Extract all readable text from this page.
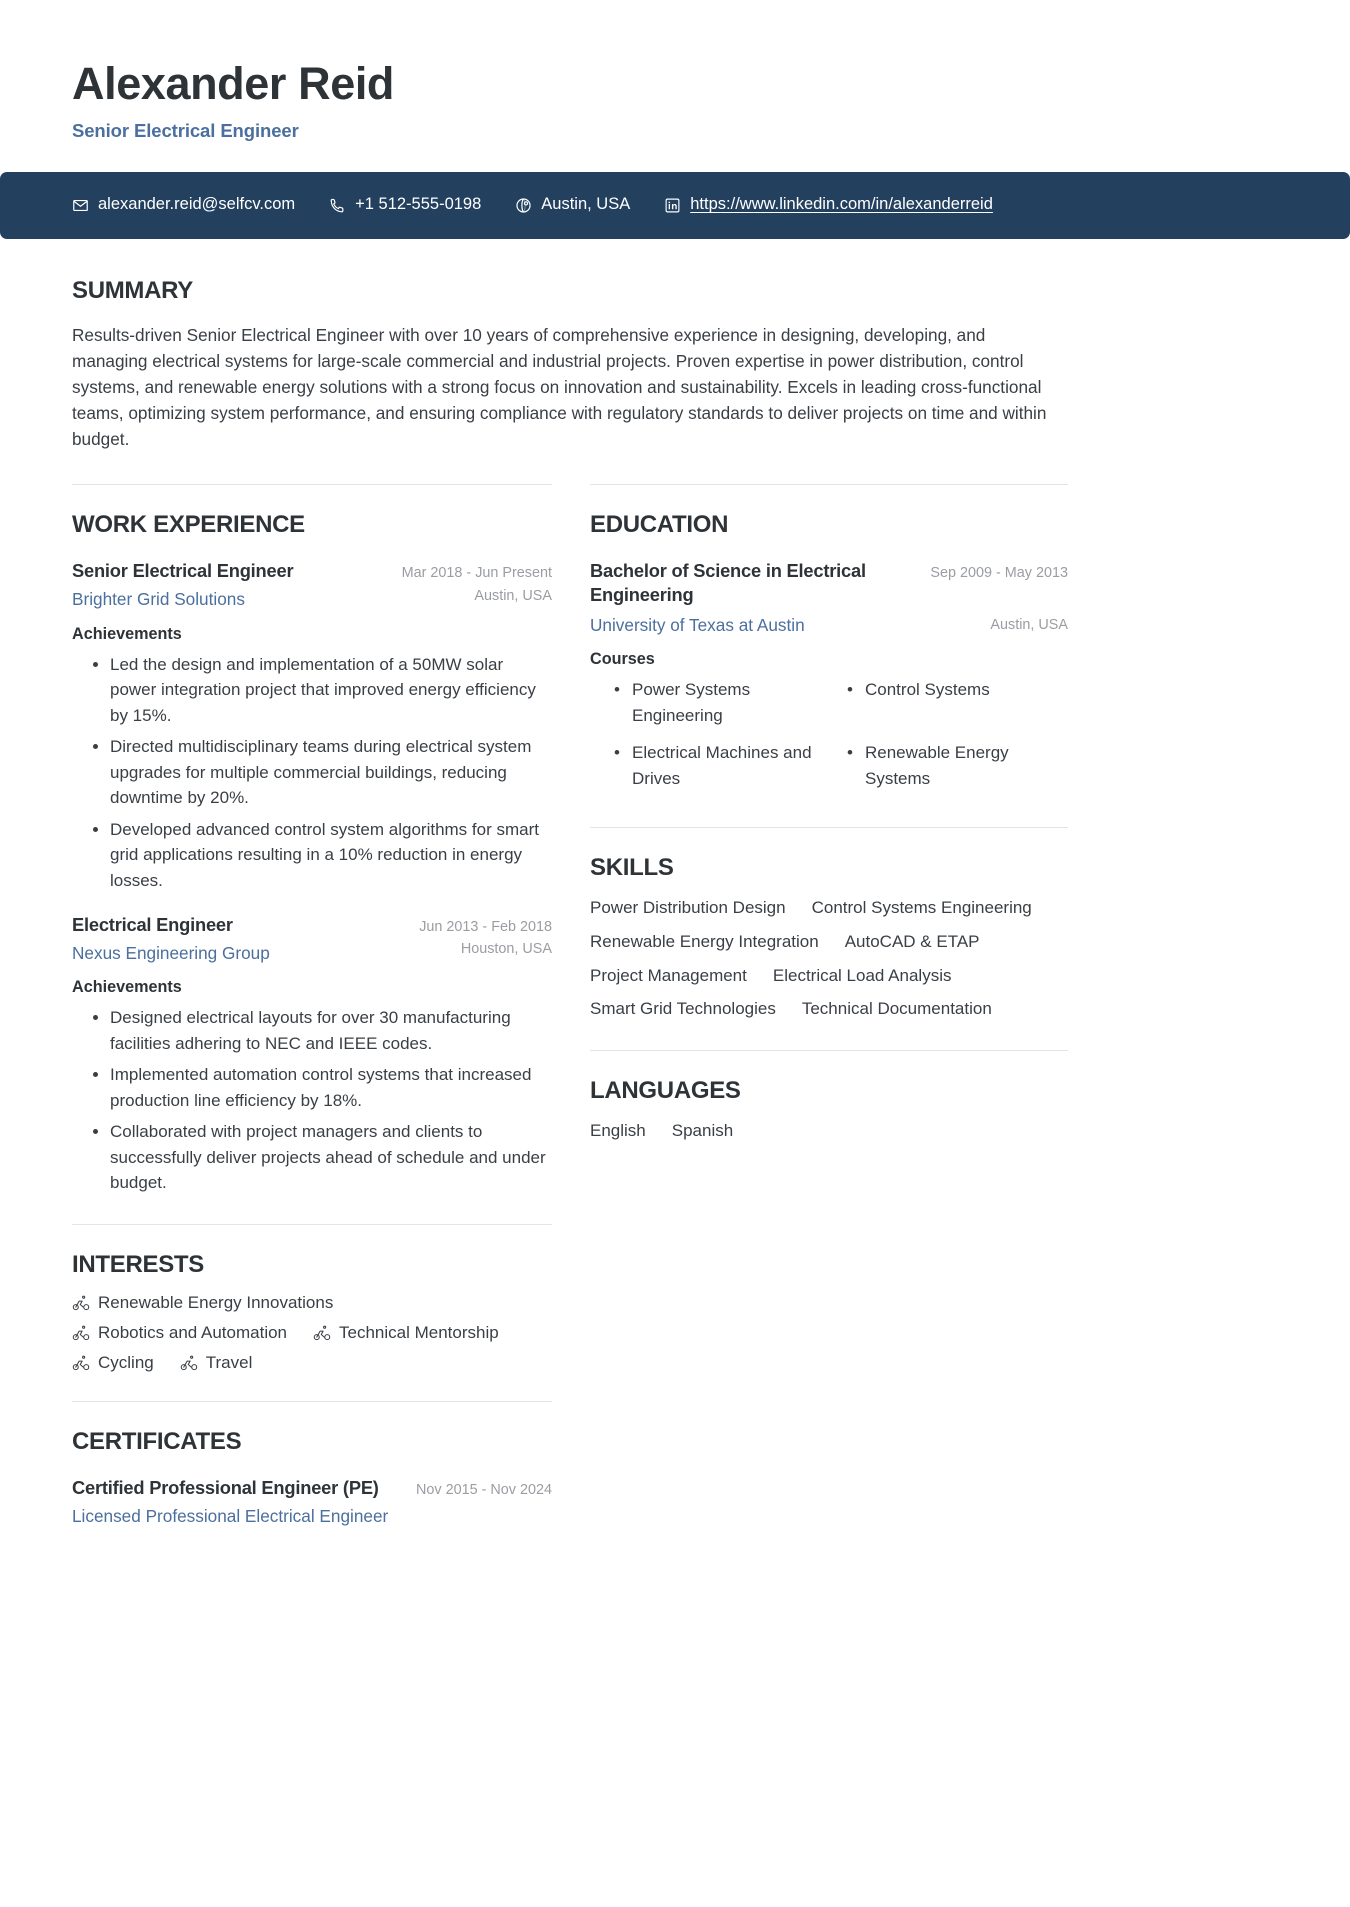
Alexander Reid
Senior Electrical Engineer
alexander.reid@selfcv.com	+1 512-555-0198	Austin, USA	https://www.linkedin.com/in/alexanderreid
SUMMARY
Results-driven Senior Electrical Engineer with over 10 years of comprehensive experience in designing, developing, and managing electrical systems for large-scale commercial and industrial projects. Proven expertise in power distribution, control systems, and renewable energy solutions with a strong focus on innovation and sustainability. Excels in leading cross-functional teams, optimizing system performance, and ensuring compliance with regulatory standards to deliver projects on time and within budget.
WORK EXPERIENCE
Senior Electrical Engineer
Brighter Grid Solutions
Mar 2018 - Jun Present
Austin, USA
Achievements
• Led the design and implementation of a 50MW solar power integration project that improved energy efficiency by 15%.
• Directed multidisciplinary teams during electrical system upgrades for multiple commercial buildings, reducing downtime by 20%.
• Developed advanced control system algorithms for smart grid applications resulting in a 10% reduction in energy losses.
Electrical Engineer
Nexus Engineering Group
Jun 2013 - Feb 2018
Houston, USA
Achievements
• Designed electrical layouts for over 30 manufacturing facilities adhering to NEC and IEEE codes.
• Implemented automation control systems that increased production line efficiency by 18%.
• Collaborated with project managers and clients to successfully deliver projects ahead of schedule and under budget.
INTERESTS
Renewable Energy Innovations
Robotics and Automation	Technical Mentorship
Cycling	Travel
CERTIFICATES
Certified Professional Engineer (PE)
Licensed Professional Electrical Engineer
Nov 2015 - Nov 2024
EDUCATION
Bachelor of Science in Electrical Engineering
Sep 2009 - May 2013
University of Texas at Austin	Austin, USA
Courses
• Power Systems Engineering
• Control Systems
• Electrical Machines and Drives
• Renewable Energy Systems
SKILLS
Power Distribution Design Control Systems Engineering
Renewable Energy Integration AutoCAD & ETAP
Project Management Electrical Load Analysis
Smart Grid Technologies Technical Documentation
LANGUAGES
English Spanish
